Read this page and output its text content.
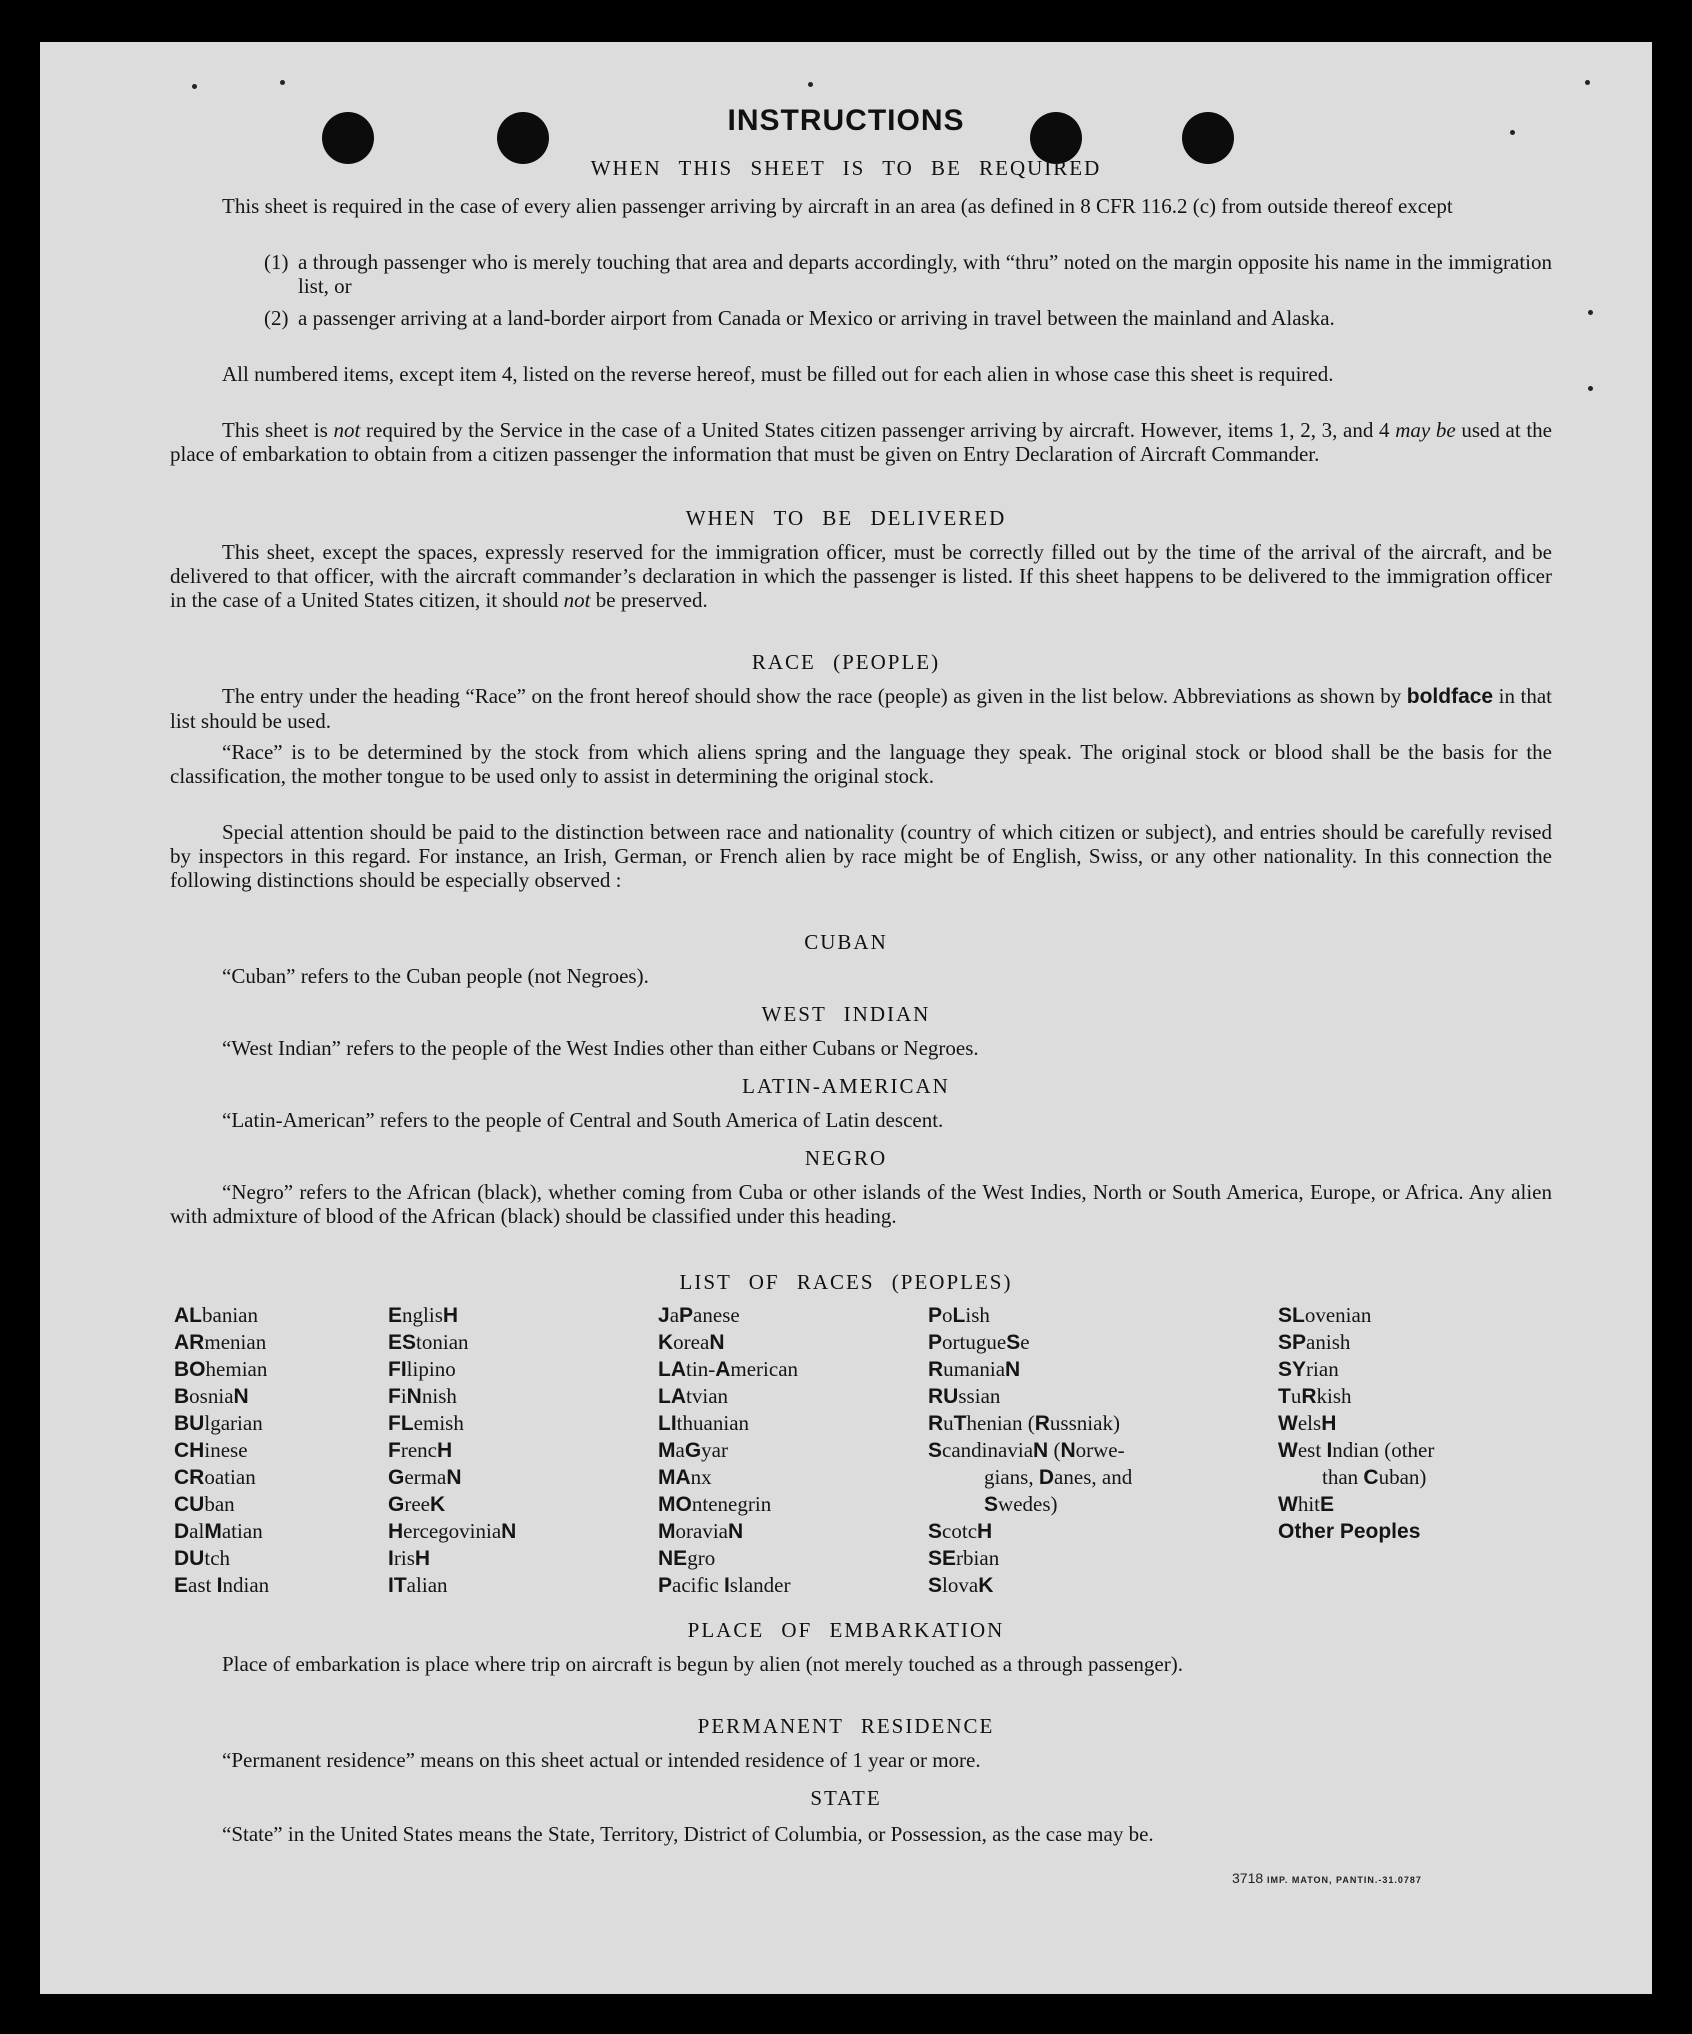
INSTRUCTIONS
WHEN THIS SHEET IS TO BE REQUIRED
This sheet is required in the case of every alien passenger arriving by aircraft in an area (as defined in 8 CFR 116.2 (c) from outside thereof except
(1) a through passenger who is merely touching that area and departs accordingly, with “thru” noted on the margin opposite his name in the immigration list, or
(2) a passenger arriving at a land-border airport from Canada or Mexico or arriving in travel between the mainland and Alaska.
All numbered items, except item 4, listed on the reverse hereof, must be filled out for each alien in whose case this sheet is required.
This sheet is not required by the Service in the case of a United States citizen passenger arriving by aircraft. However, items 1, 2, 3, and 4 may be used at the place of embarkation to obtain from a citizen passenger the information that must be given on Entry Declaration of Aircraft Commander.
WHEN TO BE DELIVERED
This sheet, except the spaces, expressly reserved for the immigration officer, must be correctly filled out by the time of the arrival of the aircraft, and be delivered to that officer, with the aircraft commander’s declaration in which the passenger is listed. If this sheet happens to be delivered to the immigration officer in the case of a United States citizen, it should not be preserved.
RACE (PEOPLE)
The entry under the heading “Race” on the front hereof should show the race (people) as given in the list below. Abbreviations as shown by boldface in that list should be used.
“Race” is to be determined by the stock from which aliens spring and the language they speak. The original stock or blood shall be the basis for the classification, the mother tongue to be used only to assist in determining the original stock.
Special attention should be paid to the distinction between race and nationality (country of which citizen or subject), and entries should be carefully revised by inspectors in this regard. For instance, an Irish, German, or French alien by race might be of English, Swiss, or any other nationality. In this connection the following distinctions should be especially observed :
CUBAN
“Cuban” refers to the Cuban people (not Negroes).
WEST INDIAN
“West Indian” refers to the people of the West Indies other than either Cubans or Negroes.
LATIN-AMERICAN
“Latin-American” refers to the people of Central and South America of Latin descent.
NEGRO
“Negro” refers to the African (black), whether coming from Cuba or other islands of the West Indies, North or South America, Europe, or Africa. Any alien with admixture of blood of the African (black) should be classified under this heading.
LIST OF RACES (PEOPLES)
ALbanian
ARmenian
BOhemian
BosniaN
BUlgarian
CHinese
CRoatian
CUban
DalMatian
DUtch
East Indian
EnglisH
EStonian
FIlipino
FiNnish
FLemish
FrencH
GermaN
GreeK
HercegoviniaN
IrisH
ITalian
JaPanese
KoreaN
LAtin-American
LAtvian
LIthuanian
MaGyar
MAnx
MOntenegrin
MoraviaN
NEgro
Pacific Islander
PoLish
PortugueSe
RumaniaN
RUssian
RuThenian (Russniak)
ScandinaviaN (Norwe-
gians, Danes, and
Swedes)
ScotcH
SErbian
SlovaK
SLovenian
SPanish
SYrian
TuRkish
WelsH
West Indian (other
than Cuban)
WhitE
Other Peoples
PLACE OF EMBARKATION
Place of embarkation is place where trip on aircraft is begun by alien (not merely touched as a through passenger).
PERMANENT RESIDENCE
“Permanent residence” means on this sheet actual or intended residence of 1 year or more.
STATE
“State” in the United States means the State, Territory, District of Columbia, or Possession, as the case may be.
3718 IMP. MATON, PANTIN.-31.0787
